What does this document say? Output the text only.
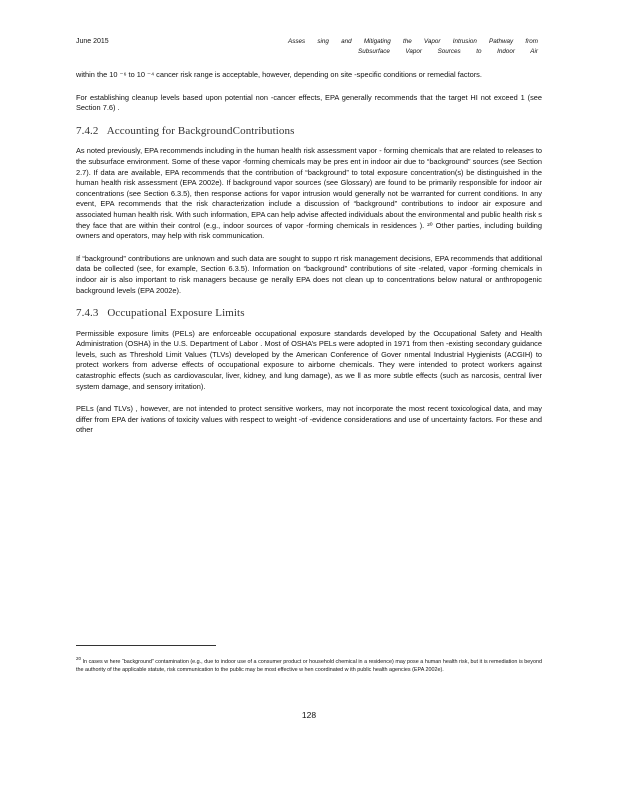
June 2015	Asses sing and Mitigating the Vapor Intrusion Pathway from
Subsurface Vapor Sources to Indoor Air

within the 10 ⁻⁶ to 10 ⁻⁴ cancer risk range is acceptable, however, depending on site -specific conditions or remedial factors.

For establishing cleanup levels based upon potential non -cancer effects, EPA generally recommends that the target HI not exceed 1 (see Section 7.6) .

7.4.2 Accounting for BackgroundContributions

As noted previously, EPA recommends including in the human health risk assessment vapor - forming chemicals that are related to releases to the subsurface environment. Some of these vapor -forming chemicals may be pres ent in indoor air due to “background” sources (see Section 2.7). If data are available, EPA recommends that the contribution of “background” to total exposure concentration(s) be distinguished in the human health risk assessment (EPA 2002e). If background vapor sources (see Glossary) are found to be primarily responsible for indoor air concentrations (see Section 6.3.5), then response actions for vapor intrusion would generally not be warranted for current conditions. In any event, EPA recommends that the risk characterization include a discussion of “background” contributions to indoor air exposure and associated human health risk. With such information, EPA can help advise affected individuals about the environmental and public health risk s they face that are within their control (e.g., indoor sources of vapor -forming chemicals in residences ). ²⁰ Other parties, including building owners and operators, may help with risk communication.

If “background” contributions are unknown and such data are sought to suppo rt risk management decisions, EPA recommends that additional data be collected (see, for example, Section 6.3.5). Information on “background” contributions of site -related, vapor -forming chemicals in indoor air is also important to risk managers because ge nerally EPA does not clean up to concentrations below natural or anthropogenic background levels (EPA 2002e).

7.4.3 Occupational Exposure Limits

Permissible exposure limits (PELs) are enforceable occupational exposure standards developed by the Occupational Safety and Health Administration (OSHA) in the U.S. Department of Labor . Most of OSHA’s PELs were adopted in 1971 from then -existing secondary guidance levels, such as Threshold Limit Values (TLVs) developed by the American Conference of Gover nmental Industrial Hygienists (ACGIH) to protect workers from adverse effects of occupational exposure to airborne chemicals. They were intended to protect workers against catastrophic effects (such as cardiovascular, liver, kidney, and lung damage), as we ll as more subtle effects (such as narcosis, central liver system damage, and sensory irritation).

PELs (and TLVs) , however, are not intended to protect sensitive workers, may not incorporate the most recent toxicological data, and may differ from EPA der ivations of toxicity values with respect to weight -of -evidence considerations and use of uncertainty factors. For these and other

$^{20}$ In cases w here “background” contamination (e.g., due to indoor use of a consumer product or household chemical in a residence) may pose a human health risk, but it is remediation is beyond the authority of the applicable statute, risk communication to the public may be most effective w hen coordinated w ith public health agencies (EPA 2002e).

128
